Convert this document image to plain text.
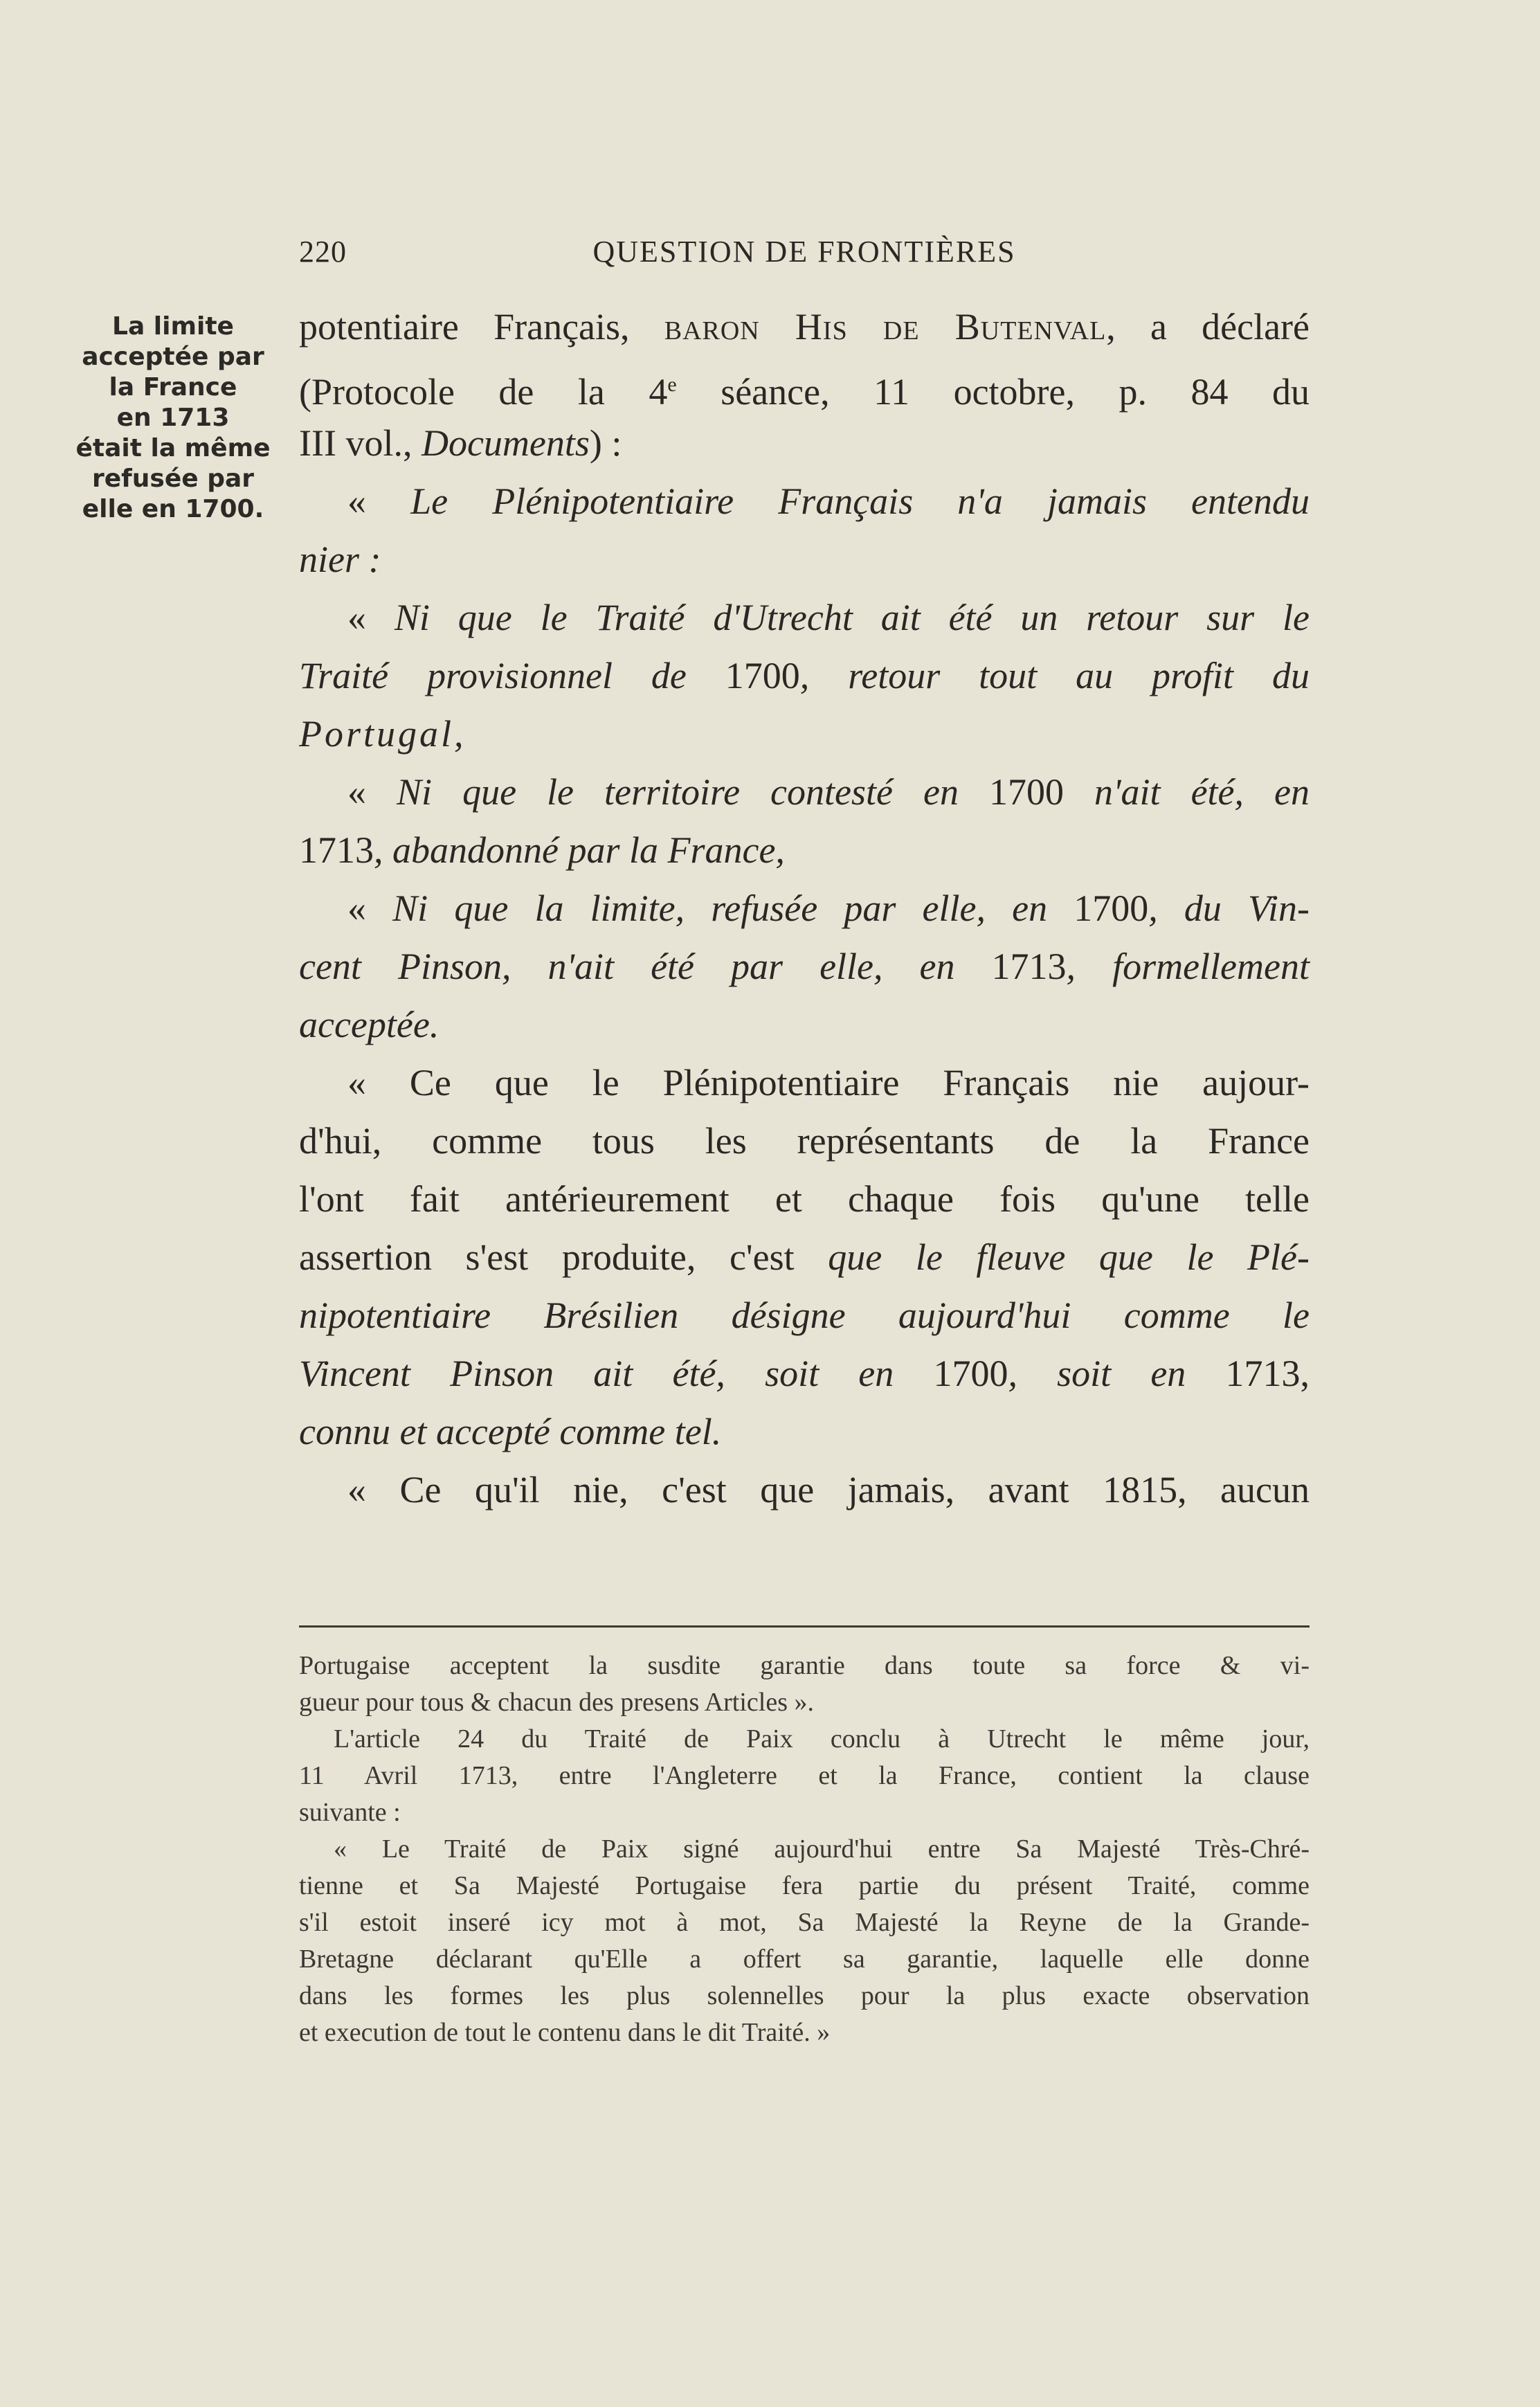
220	QUESTION DE FRONTIÈRES
La limite
acceptée par
la France
en 1713
était la même
refusée par
elle en 1700.
potentiaire Français, baron His de Butenval, a déclaré
(Protocole de la 4e séance, 11 octobre, p. 84 du
III vol., Documents) :
« Le Plénipotentiaire Français n'a jamais entendu
nier :
« Ni que le Traité d'Utrecht ait été un retour sur le
Traité provisionnel de 1700, retour tout au profit du
Portugal,
« Ni que le territoire contesté en 1700 n'ait été, en
1713, abandonné par la France,
« Ni que la limite, refusée par elle, en 1700, du Vin-
cent Pinson, n'ait été par elle, en 1713, formellement
acceptée.
« Ce que le Plénipotentiaire Français nie aujour-
d'hui, comme tous les représentants de la France
l'ont fait antérieurement et chaque fois qu'une telle
assertion s'est produite, c'est que le fleuve que le Plé-
nipotentiaire Brésilien désigne aujourd'hui comme le
Vincent Pinson ait été, soit en 1700, soit en 1713,
connu et accepté comme tel.
« Ce qu'il nie, c'est que jamais, avant 1815, aucun
Portugaise acceptent la susdite garantie dans toute sa force & vi-
gueur pour tous & chacun des presens Articles ».
L'article 24 du Traité de Paix conclu à Utrecht le même jour,
11 Avril 1713, entre l'Angleterre et la France, contient la clause
suivante :
« Le Traité de Paix signé aujourd'hui entre Sa Majesté Très-Chré-
tienne et Sa Majesté Portugaise fera partie du présent Traité, comme
s'il estoit inseré icy mot à mot, Sa Majesté la Reyne de la Grande-
Bretagne déclarant qu'Elle a offert sa garantie, laquelle elle donne
dans les formes les plus solennelles pour la plus exacte observation
et execution de tout le contenu dans le dit Traité. »
